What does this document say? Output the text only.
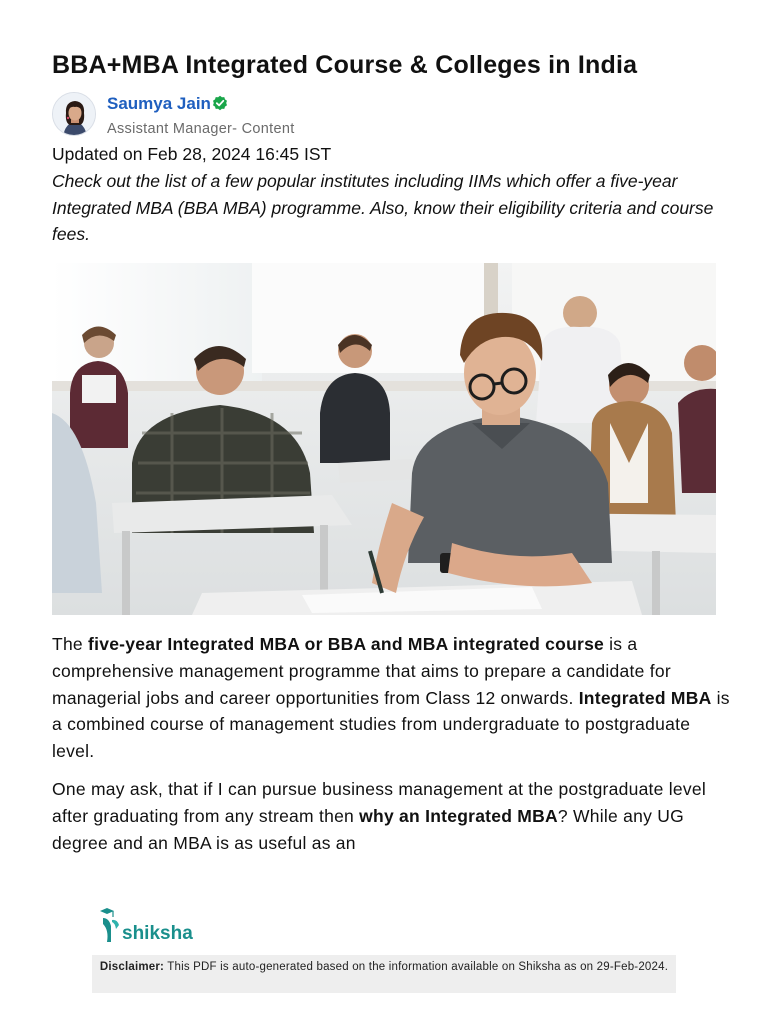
BBA+MBA Integrated Course & Colleges in India
Saumya Jain
Assistant Manager- Content
Updated on Feb 28, 2024 16:45 IST

Check out the list of a few popular institutes including IIMs which offer a five-year Integrated MBA (BBA MBA) programme. Also, know their eligibility criteria and course fees.

The five-year Integrated MBA or BBA and MBA integrated course is a comprehensive management programme that aims to prepare a candidate for managerial jobs and career opportunities from Class 12 onwards. Integrated MBA is a combined course of management studies from undergraduate to postgraduate level.

One may ask, that if I can pursue business management at the postgraduate level after graduating from any stream then why an Integrated MBA? While any UG degree and an MBA is as useful as an

shiksha
Disclaimer: This PDF is auto-generated based on the information available on Shiksha as on 29-Feb-2024.
